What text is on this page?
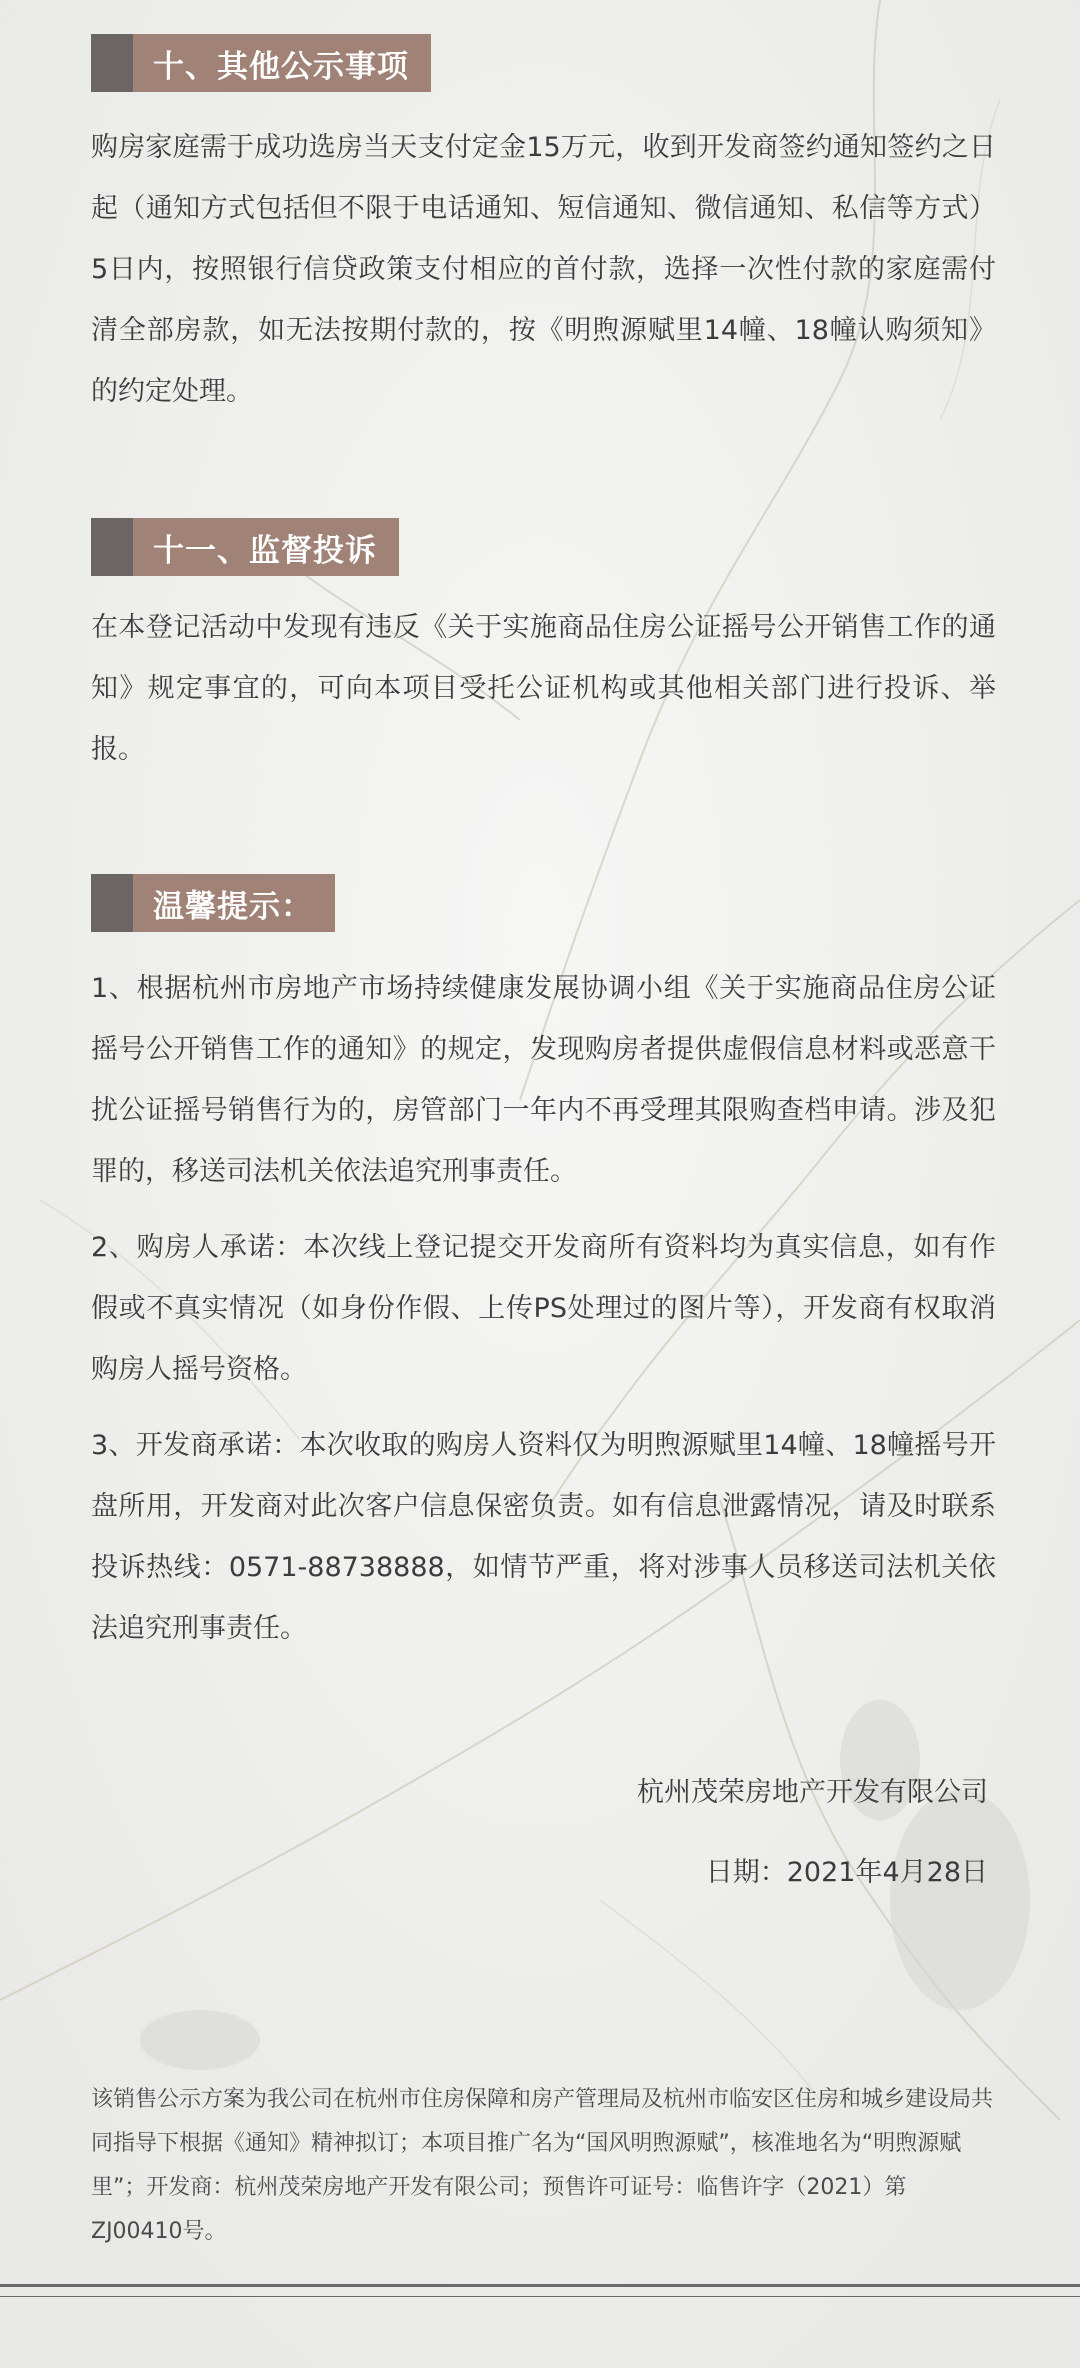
十、其他公示事项

购房家庭需于成功选房当天支付定金15万元，收到开发商签约通知签约之日起（通知方式包括但不限于电话通知、短信通知、微信通知、私信等方式）5日内，按照银行信贷政策支付相应的首付款，选择一次性付款的家庭需付清全部房款，如无法按期付款的，按《明煦源赋里14幢、18幢认购须知》的约定处理。

十一、监督投诉

在本登记活动中发现有违反《关于实施商品住房公证摇号公开销售工作的通知》规定事宜的，可向本项目受托公证机构或其他相关部门进行投诉、举报。

温馨提示：

1、根据杭州市房地产市场持续健康发展协调小组《关于实施商品住房公证摇号公开销售工作的通知》的规定，发现购房者提供虚假信息材料或恶意干扰公证摇号销售行为的，房管部门一年内不再受理其限购查档申请。涉及犯罪的，移送司法机关依法追究刑事责任。

2、购房人承诺：本次线上登记提交开发商所有资料均为真实信息，如有作假或不真实情况（如身份作假、上传PS处理过的图片等），开发商有权取消购房人摇号资格。

3、开发商承诺：本次收取的购房人资料仅为明煦源赋里14幢、18幢摇号开盘所用，开发商对此次客户信息保密负责。如有信息泄露情况，请及时联系投诉热线：0571-88738888，如情节严重，将对涉事人员移送司法机关依法追究刑事责任。

杭州茂荣房地产开发有限公司
日期：2021年4月28日

该销售公示方案为我公司在杭州市住房保障和房产管理局及杭州市临安区住房和城乡建设局共同指导下根据《通知》精神拟订；本项目推广名为“国风明煦源赋”，核准地名为“明煦源赋里”；开发商：杭州茂荣房地产开发有限公司；预售许可证号：临售许字（2021）第ZJ00410号。
